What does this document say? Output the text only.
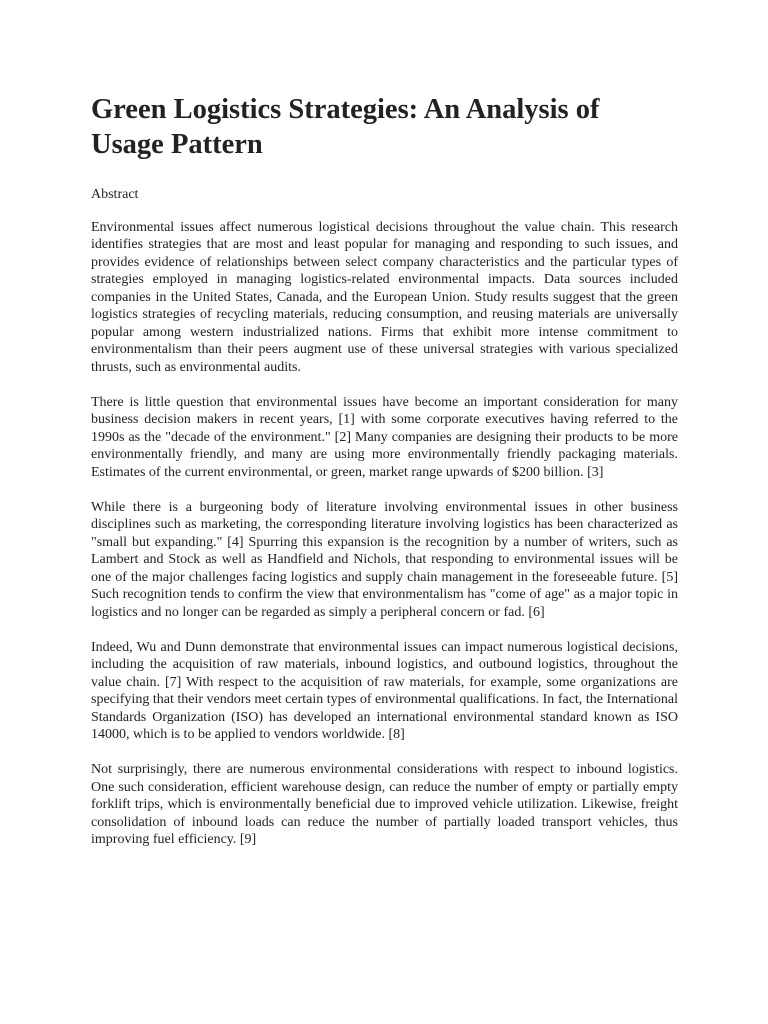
Green Logistics Strategies: An Analysis of Usage Pattern
Abstract

Environmental issues affect numerous logistical decisions throughout the value chain. This research identifies strategies that are most and least popular for managing and responding to such issues, and provides evidence of relationships between select company characteristics and the particular types of strategies employed in managing logistics-related environmental impacts. Data sources included companies in the United States, Canada, and the European Union. Study results suggest that the green logistics strategies of recycling materials, reducing consumption, and reusing materials are universally popular among western industrialized nations. Firms that exhibit more intense commitment to environmentalism than their peers augment use of these universal strategies with various specialized thrusts, such as environmental audits.

There is little question that environmental issues have become an important consideration for many business decision makers in recent years, [1] with some corporate executives having referred to the 1990s as the "decade of the environment." [2] Many companies are designing their products to be more environmentally friendly, and many are using more environmentally friendly packaging materials. Estimates of the current environmental, or green, market range upwards of $200 billion. [3]

While there is a burgeoning body of literature involving environmental issues in other business disciplines such as marketing, the corresponding literature involving logistics has been characterized as "small but expanding." [4] Spurring this expansion is the recognition by a number of writers, such as Lambert and Stock as well as Handfield and Nichols, that responding to environmental issues will be one of the major challenges facing logistics and supply chain management in the foreseeable future. [5] Such recognition tends to confirm the view that environmentalism has "come of age" as a major topic in logistics and no longer can be regarded as simply a peripheral concern or fad. [6]

Indeed, Wu and Dunn demonstrate that environmental issues can impact numerous logistical decisions, including the acquisition of raw materials, inbound logistics, and outbound logistics, throughout the value chain. [7] With respect to the acquisition of raw materials, for example, some organizations are specifying that their vendors meet certain types of environmental qualifications. In fact, the International Standards Organization (ISO) has developed an international environmental standard known as ISO 14000, which is to be applied to vendors worldwide. [8]

Not surprisingly, there are numerous environmental considerations with respect to inbound logistics. One such consideration, efficient warehouse design, can reduce the number of empty or partially empty forklift trips, which is environmentally beneficial due to improved vehicle utilization. Likewise, freight consolidation of inbound loads can reduce the number of partially loaded transport vehicles, thus improving fuel efficiency. [9]
